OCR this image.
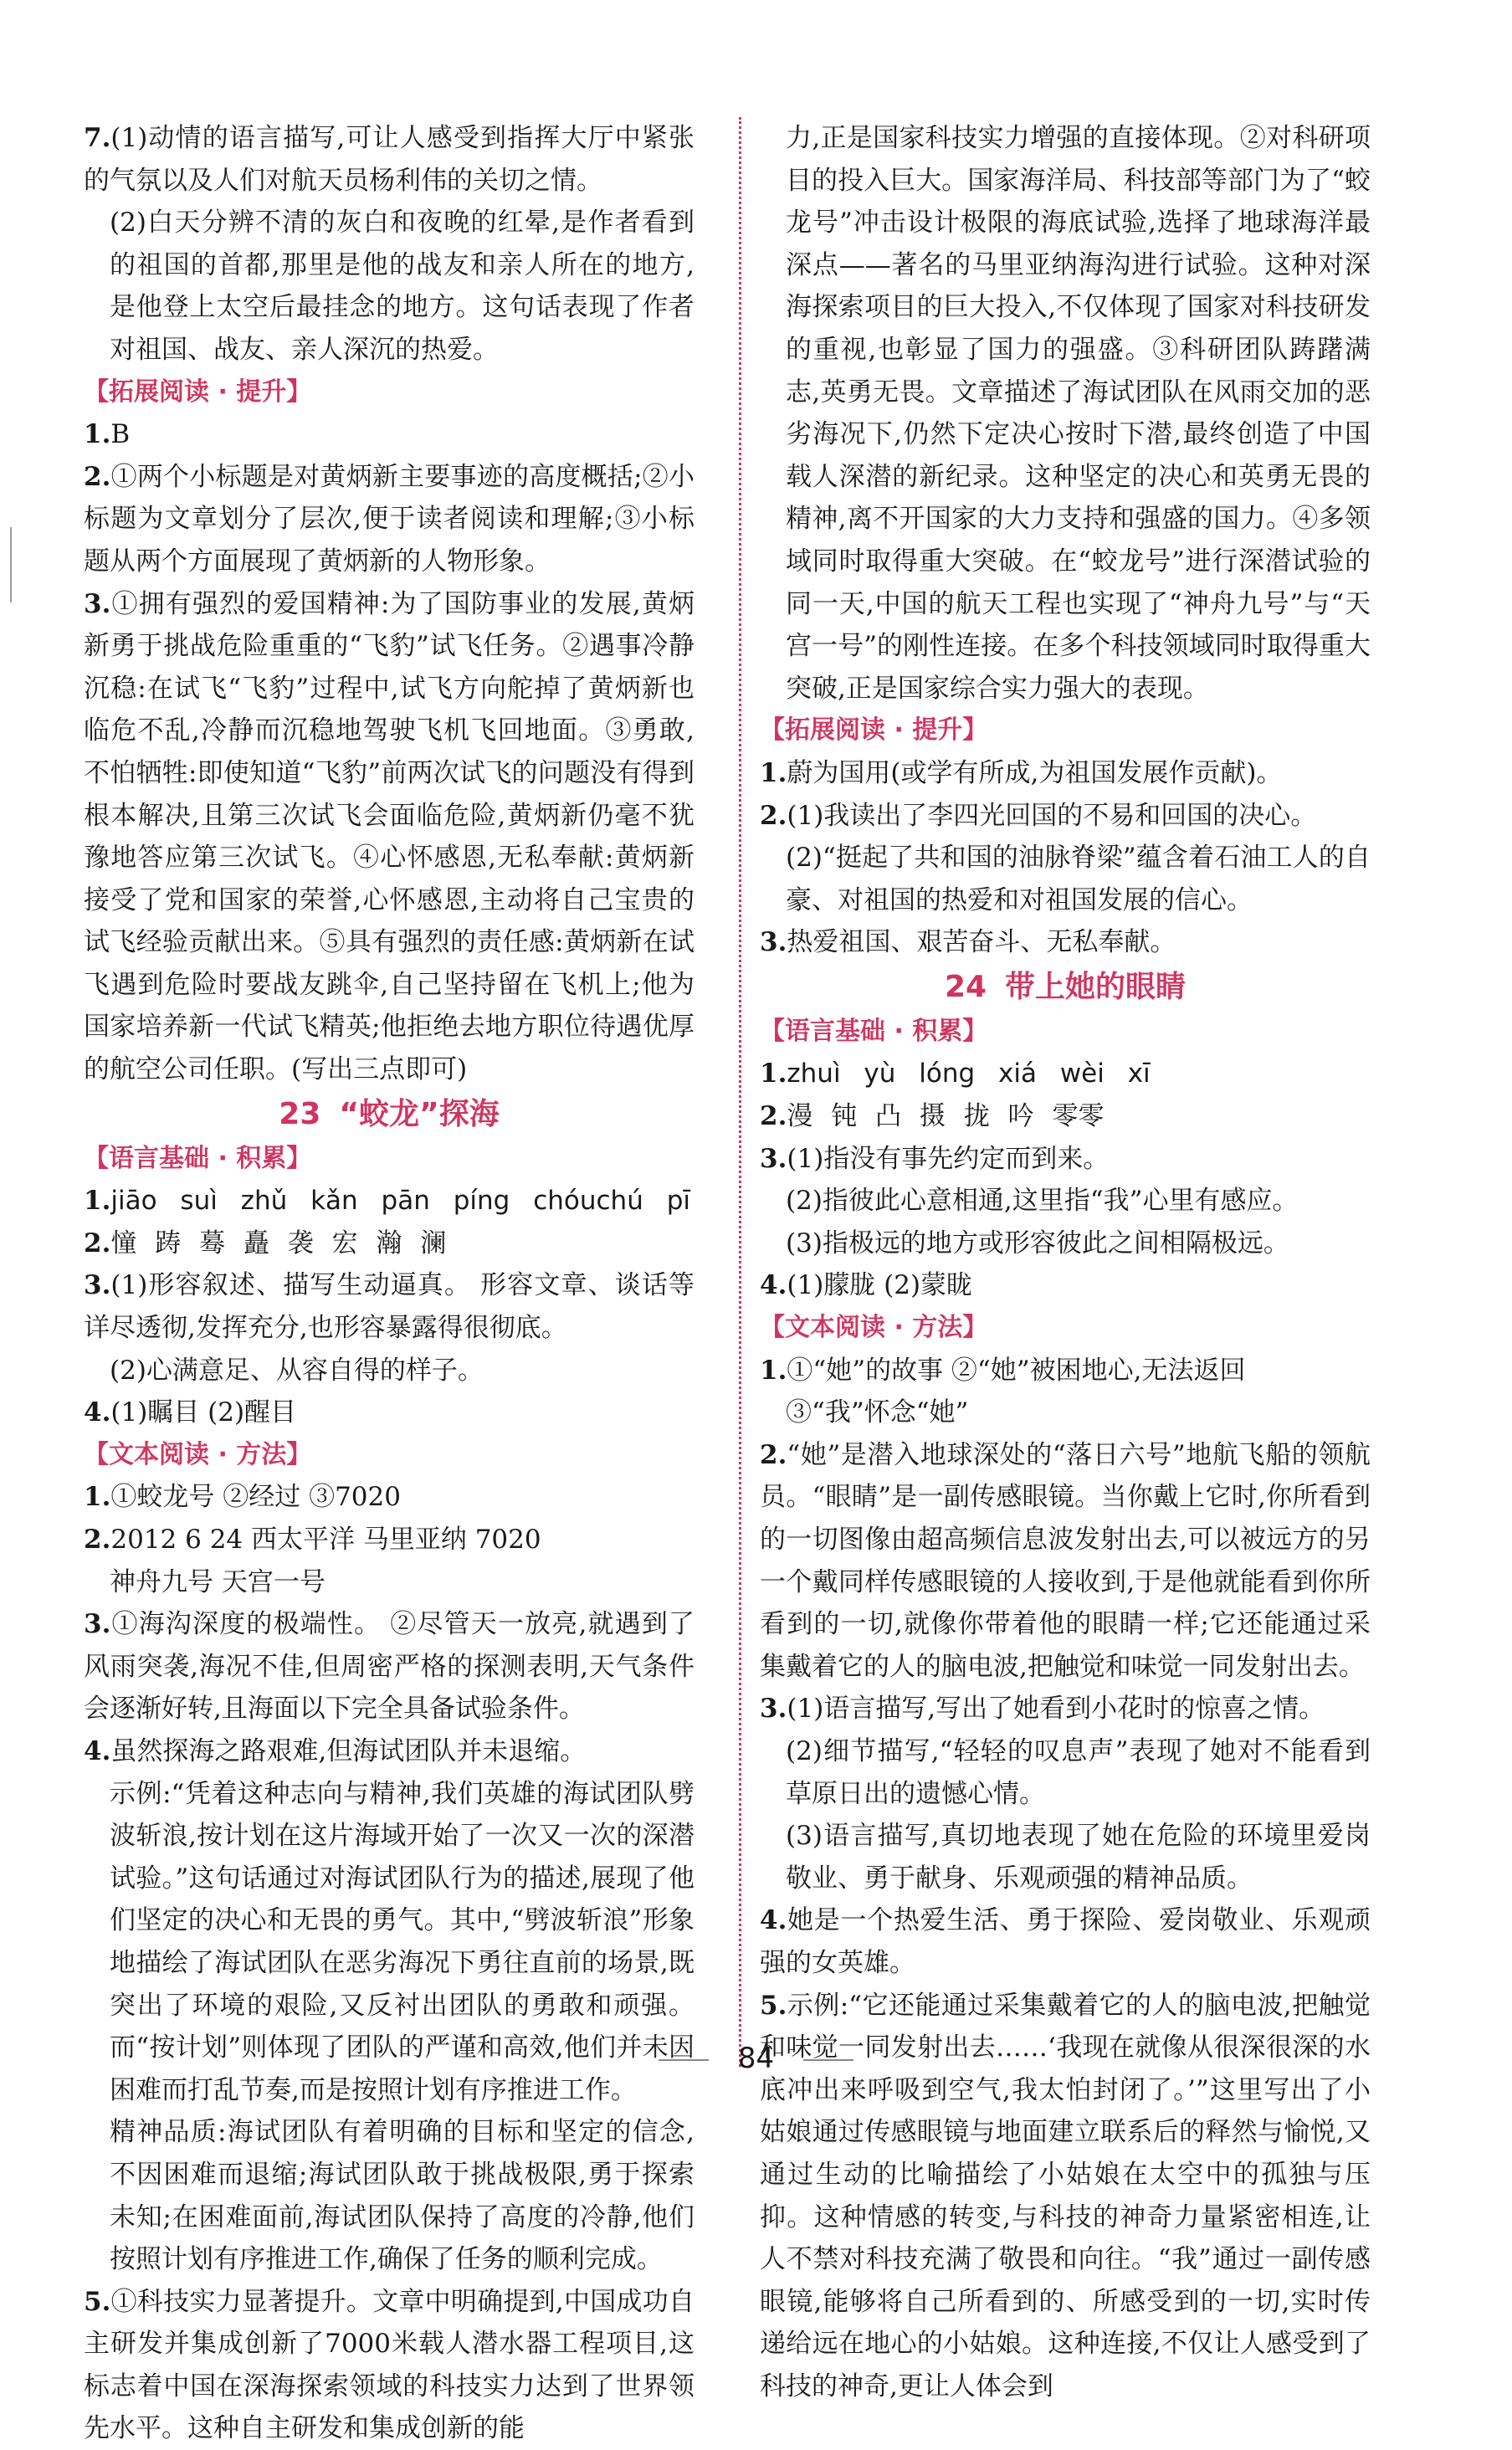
7.(1)动情的语言描写,可让人感受到指挥大厅中紧张的气氛以及人们对航天员杨利伟的关切之情。

(2)白天分辨不清的灰白和夜晚的红晕,是作者看到的祖国的首都,那里是他的战友和亲人所在的地方,是他登上太空后最挂念的地方。这句话表现了作者对祖国、战友、亲人深沉的热爱。

【拓展阅读 · 提升】

1.B

2.①两个小标题是对黄炳新主要事迹的高度概括;②小标题为文章划分了层次,便于读者阅读和理解;③小标题从两个方面展现了黄炳新的人物形象。

3.①拥有强烈的爱国精神:为了国防事业的发展,黄炳新勇于挑战危险重重的“飞豹”试飞任务。②遇事冷静沉稳:在试飞“飞豹”过程中,试飞方向舵掉了黄炳新也临危不乱,冷静而沉稳地驾驶飞机飞回地面。③勇敢,不怕牺牲:即使知道“飞豹”前两次试飞的问题没有得到根本解决,且第三次试飞会面临危险,黄炳新仍毫不犹豫地答应第三次试飞。④心怀感恩,无私奉献:黄炳新接受了党和国家的荣誉,心怀感恩,主动将自己宝贵的试飞经验贡献出来。⑤具有强烈的责任感:黄炳新在试飞遇到危险时要战友跳伞,自己坚持留在飞机上;他为国家培养新一代试飞精英;他拒绝去地方职位待遇优厚的航空公司任职。(写出三点即可)

23 “蛟龙”探海
【语言基础 · 积累】

1.jiāo suì zhǔ kǎn pān píng chóuchú pī

2.憧 踌 蓦 矗 袭 宏 瀚 澜

3.(1)形容叙述、描写生动逼真。 形容文章、谈话等详尽透彻,发挥充分,也形容暴露得很彻底。

(2)心满意足、从容自得的样子。

4.(1)瞩目 (2)醒目

【文本阅读 · 方法】

1.①蛟龙号 ②经过 ③7020

2.2012 6 24 西太平洋 马里亚纳 7020

神舟九号 天宫一号

3.①海沟深度的极端性。 ②尽管天一放亮,就遇到了风雨突袭,海况不佳,但周密严格的探测表明,天气条件会逐渐好转,且海面以下完全具备试验条件。

4.虽然探海之路艰难,但海试团队并未退缩。

示例:“凭着这种志向与精神,我们英雄的海试团队劈波斩浪,按计划在这片海域开始了一次又一次的深潜试验。”这句话通过对海试团队行为的描述,展现了他们坚定的决心和无畏的勇气。其中,“劈波斩浪”形象地描绘了海试团队在恶劣海况下勇往直前的场景,既突出了环境的艰险,又反衬出团队的勇敢和顽强。而“按计划”则体现了团队的严谨和高效,他们并未因困难而打乱节奏,而是按照计划有序推进工作。

精神品质:海试团队有着明确的目标和坚定的信念,不因困难而退缩;海试团队敢于挑战极限,勇于探索未知;在困难面前,海试团队保持了高度的冷静,他们按照计划有序推进工作,确保了任务的顺利完成。

5.①科技实力显著提升。文章中明确提到,中国成功自主研发并集成创新了7000米载人潜水器工程项目,这标志着中国在深海探索领域的科技实力达到了世界领先水平。这种自主研发和集成创新的能

力,正是国家科技实力增强的直接体现。②对科研项目的投入巨大。国家海洋局、科技部等部门为了“蛟龙号”冲击设计极限的海底试验,选择了地球海洋最深点——著名的马里亚纳海沟进行试验。这种对深海探索项目的巨大投入,不仅体现了国家对科技研发的重视,也彰显了国力的强盛。③科研团队踌躇满志,英勇无畏。文章描述了海试团队在风雨交加的恶劣海况下,仍然下定决心按时下潜,最终创造了中国载人深潜的新纪录。这种坚定的决心和英勇无畏的精神,离不开国家的大力支持和强盛的国力。④多领域同时取得重大突破。在“蛟龙号”进行深潜试验的同一天,中国的航天工程也实现了“神舟九号”与“天宫一号”的刚性连接。在多个科技领域同时取得重大突破,正是国家综合实力强大的表现。

【拓展阅读 · 提升】

1.蔚为国用(或学有所成,为祖国发展作贡献)。

2.(1)我读出了李四光回国的不易和回国的决心。

(2)“挺起了共和国的油脉脊梁”蕴含着石油工人的自豪、对祖国的热爱和对祖国发展的信心。

3.热爱祖国、艰苦奋斗、无私奉献。

24 带上她的眼睛
【语言基础 · 积累】

1.zhuì yù lóng xiá wèi xī

2.漫 钝 凸 摄 拢 吟 零零

3.(1)指没有事先约定而到来。

(2)指彼此心意相通,这里指“我”心里有感应。

(3)指极远的地方或形容彼此之间相隔极远。

4.(1)朦胧 (2)蒙眬

【文本阅读 · 方法】

1.①“她”的故事 ②“她”被困地心,无法返回

③“我”怀念“她”

2.“她”是潜入地球深处的“落日六号”地航飞船的领航员。“眼睛”是一副传感眼镜。当你戴上它时,你所看到的一切图像由超高频信息波发射出去,可以被远方的另一个戴同样传感眼镜的人接收到,于是他就能看到你所看到的一切,就像你带着他的眼睛一样;它还能通过采集戴着它的人的脑电波,把触觉和味觉一同发射出去。

3.(1)语言描写,写出了她看到小花时的惊喜之情。

(2)细节描写,“轻轻的叹息声”表现了她对不能看到草原日出的遗憾心情。

(3)语言描写,真切地表现了她在危险的环境里爱岗敬业、勇于献身、乐观顽强的精神品质。

4.她是一个热爱生活、勇于探险、爱岗敬业、乐观顽强的女英雄。

5.示例:“它还能通过采集戴着它的人的脑电波,把触觉和味觉一同发射出去……‘我现在就像从很深很深的水底冲出来呼吸到空气,我太怕封闭了。’”这里写出了小姑娘通过传感眼镜与地面建立联系后的释然与愉悦,又通过生动的比喻描绘了小姑娘在太空中的孤独与压抑。这种情感的转变,与科技的神奇力量紧密相连,让人不禁对科技充满了敬畏和向往。“我”通过一副传感眼镜,能够将自己所看到的、所感受到的一切,实时传递给远在地心的小姑娘。这种连接,不仅让人感受到了科技的神奇,更让人体会到

84
